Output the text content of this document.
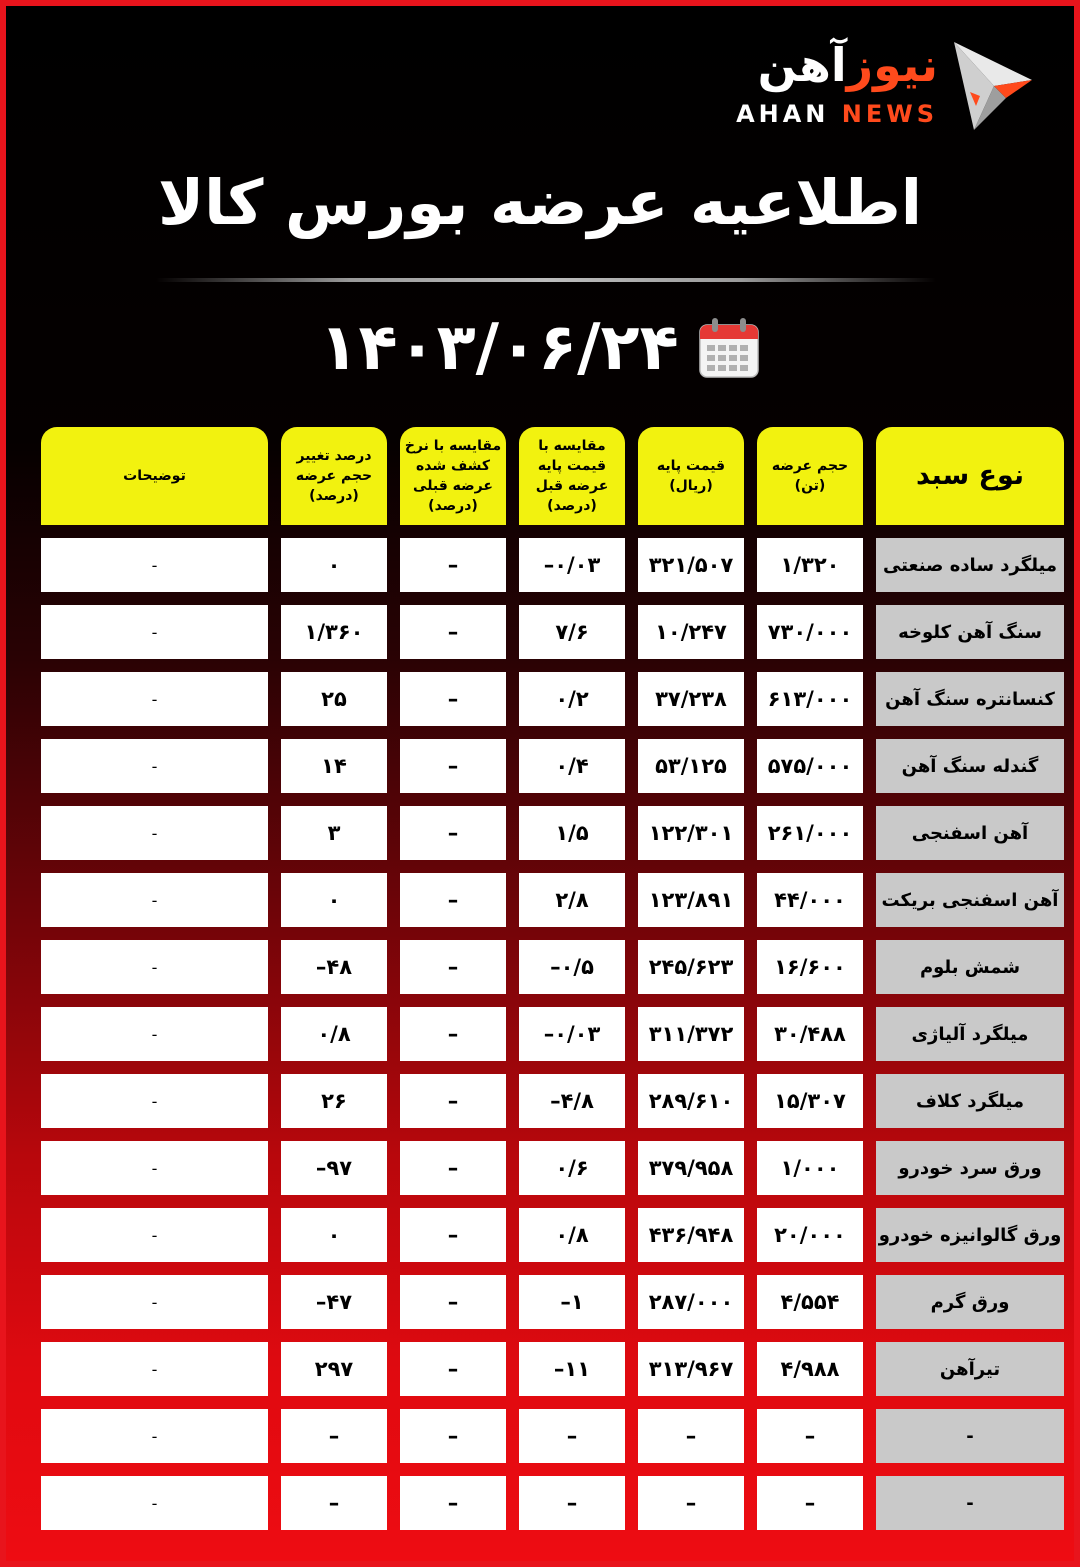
نیوزآهن
AHAN NEWS
اطلاعیه عرضه بورس کالا
۱۴۰۳/۰۶/۲۴
نوع سبد	حجم عرضه (تن)	قیمت پایه (ریال)	مقایسه با قیمت پایه عرضه قبل (درصد)	مقایسه با نرخ کشف شده عرضه قبلی (درصد)	درصد تغییر حجم عرضه (درصد)	توضیحات
میلگرد ساده صنعتی	۱/۳۲۰	۳۲۱/۵۰۷	۰/۰۳–	–	۰	-
سنگ آهن کلوخه	۷۳۰/۰۰۰	۱۰/۲۴۷	۷/۶	–	۱/۳۶۰	-
کنسانتره سنگ آهن	۶۱۳/۰۰۰	۳۷/۲۳۸	۰/۲	–	۲۵	-
گندله سنگ آهن	۵۷۵/۰۰۰	۵۳/۱۲۵	۰/۴	–	۱۴	-
آهن اسفنجی	۲۶۱/۰۰۰	۱۲۲/۳۰۱	۱/۵	–	۳	-
آهن اسفنجی بریکت	۴۴/۰۰۰	۱۲۳/۸۹۱	۲/۸	–	۰	-
شمش بلوم	۱۶/۶۰۰	۲۴۵/۶۲۳	۰/۵–	–	۴۸–	-
میلگرد آلیاژی	۳۰/۴۸۸	۳۱۱/۳۷۲	۰/۰۳–	–	۰/۸	-
میلگرد کلاف	۱۵/۳۰۷	۲۸۹/۶۱۰	۴/۸–	–	۲۶	-
ورق سرد خودرو	۱/۰۰۰	۳۷۹/۹۵۸	۰/۶	–	۹۷–	-
ورق گالوانیزه خودرو	۲۰/۰۰۰	۴۳۶/۹۴۸	۰/۸	–	۰	-
ورق گرم	۴/۵۵۴	۲۸۷/۰۰۰	۱–	–	۴۷–	-
تیرآهن	۴/۹۸۸	۳۱۳/۹۶۷	۱۱–	–	۲۹۷	-
-	–	–	–	–	–	-
-	–	–	–	–	–	-
